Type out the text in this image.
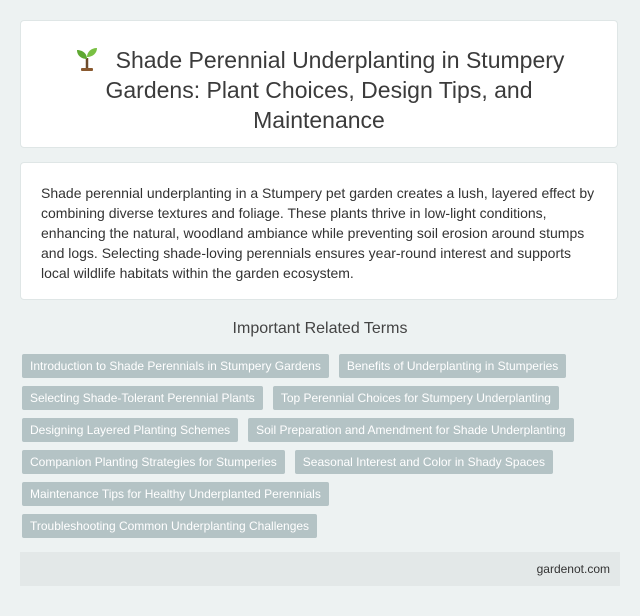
Shade Perennial Underplanting in Stumpery Gardens: Plant Choices, Design Tips, and Maintenance

Shade perennial underplanting in a Stumpery pet garden creates a lush, layered effect by combining diverse textures and foliage. These plants thrive in low-light conditions, enhancing the natural, woodland ambiance while preventing soil erosion around stumps and logs. Selecting shade-loving perennials ensures year-round interest and supports local wildlife habitats within the garden ecosystem.

Important Related Terms
Introduction to Shade Perennials in Stumpery Gardens	Benefits of Underplanting in Stumperies
Selecting Shade-Tolerant Perennial Plants	Top Perennial Choices for Stumpery Underplanting
Designing Layered Planting Schemes	Soil Preparation and Amendment for Shade Underplanting
Companion Planting Strategies for Stumperies	Seasonal Interest and Color in Shady Spaces
Maintenance Tips for Healthy Underplanted Perennials
Troubleshooting Common Underplanting Challenges
gardenot.com
